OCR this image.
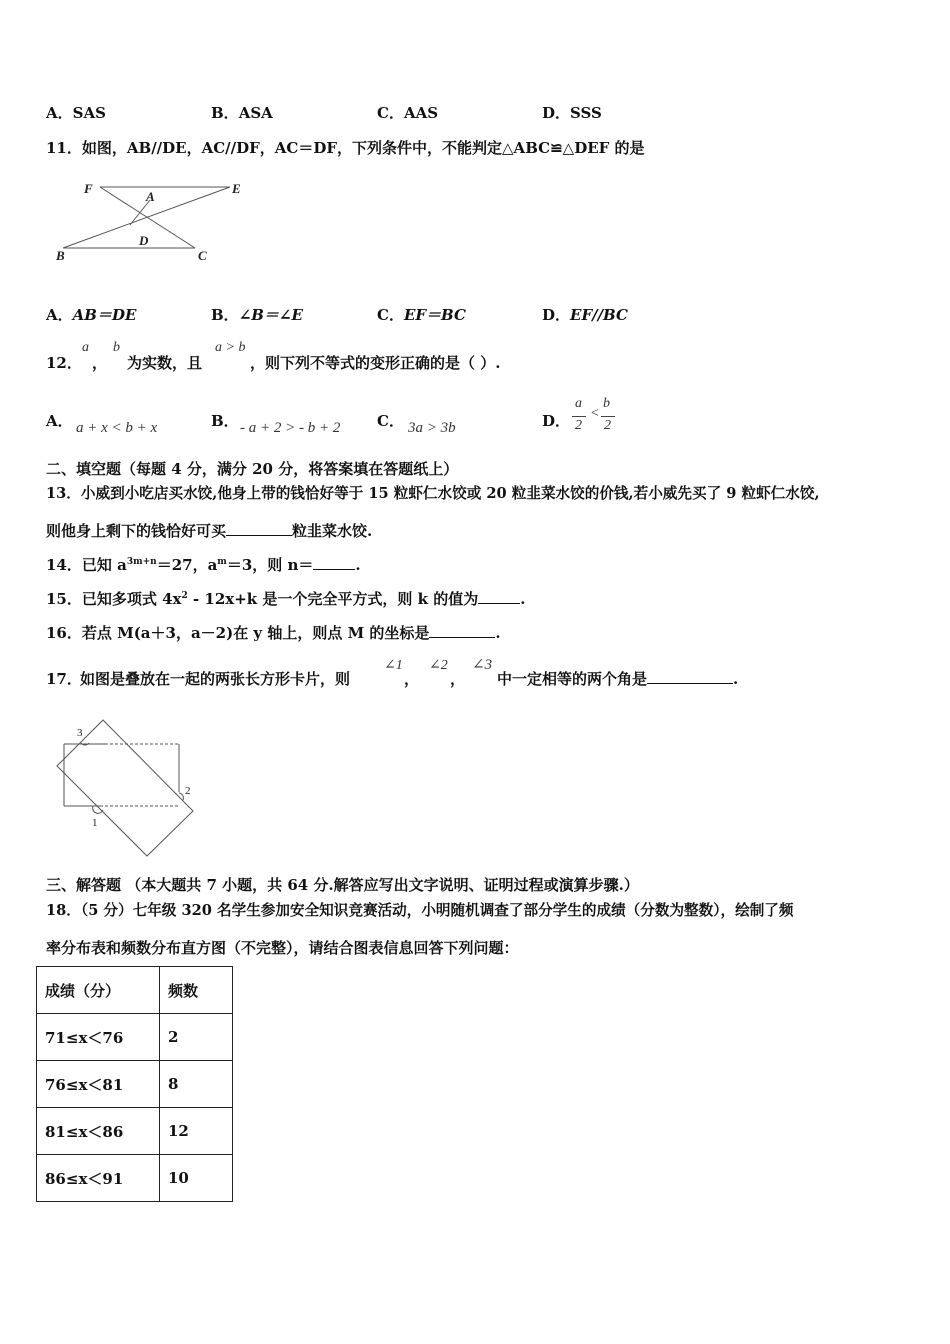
A．SAS	B．ASA	C．AAS	D．SSS
11．如图，AB//DE，AC//DF，AC＝DF，下列条件中，不能判定△ABC≌△DEF 的是
F
A
E
D
B	C
A．AB＝DE	B．∠B＝∠E	C．EF＝BC	D．EF//BC
12．
a
，
b
为实数，且
a > b
，则下列不等式的变形正确的是（ ）.
A． a + x < b + x	B． - a + 2 > - b + 2 C． 3a > 3b	D．
a
2
<
b
2
二、填空题（每题 4 分，满分 20 分，将答案填在答题纸上）
13．小威到小吃店买水饺,他身上带的钱恰好等于 15 粒虾仁水饺或 20 粒韭菜水饺的价钱,若小威先买了 9 粒虾仁水饺,
则他身上剩下的钱恰好可买	粒韭菜水饺.
14．已知 $a^{3m+n}=27$，$a^m=3$，则 n＝	.
15．已知多项式 $4x^2 - 12x+k$ 是一个完全平方式，则 k 的值为	.
16．若点 M(a＋3，a－2)在 y 轴上，则点 M 的坐标是	.
17．
如图是叠放在一起的两张长方形卡片，则
∠1
，
∠2
，
∠3
中一定相等的两个角是	.
3
2
1
三、解答题 （本大题共 7 小题，共 64 分.解答应写出文字说明、证明过程或演算步骤.）
18．（5 分）七年级 320 名学生参加安全知识竞赛活动，小明随机调查了部分学生的成绩（分数为整数），绘制了频
率分布表和频数分布直方图（不完整），请结合图表信息回答下列问题：
成绩（分）	频数
71≤x＜76	2
76≤x＜81	8
81≤x＜86	12
86≤x＜91	10
